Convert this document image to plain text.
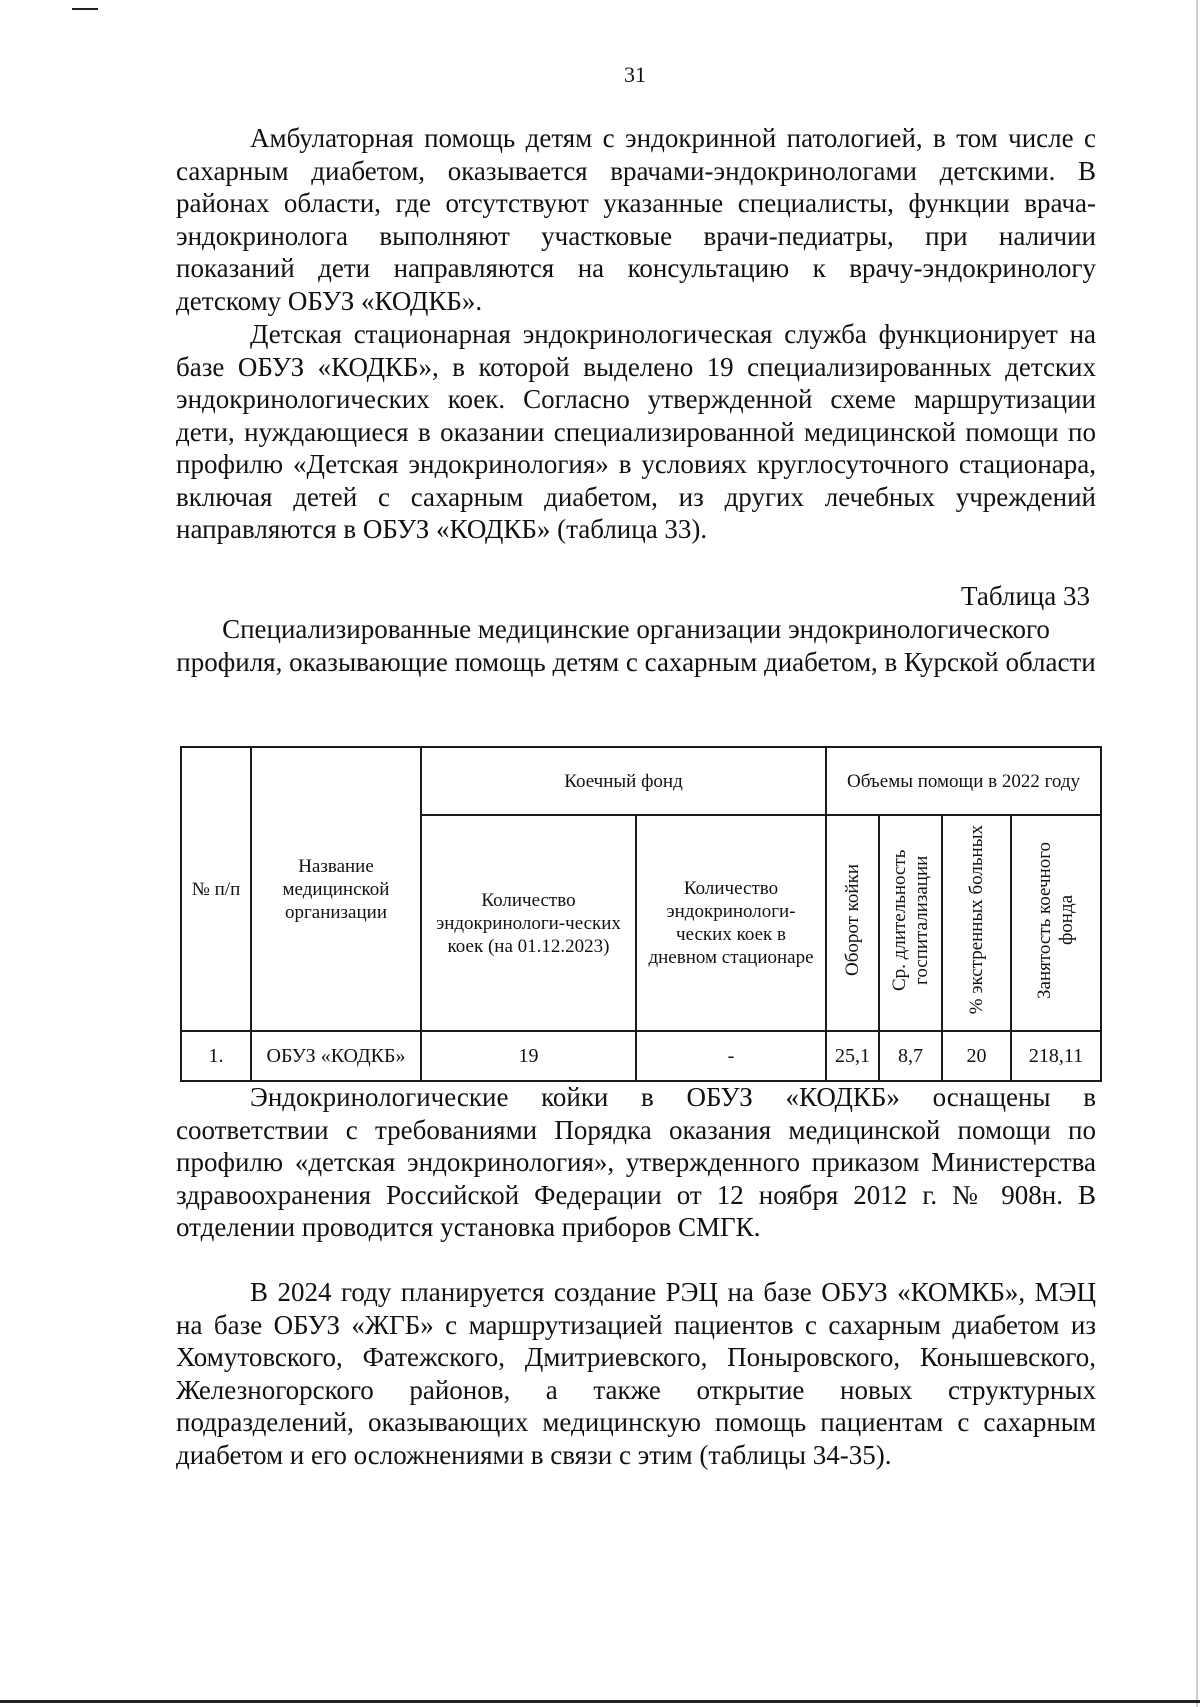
31

Амбулаторная помощь детям с эндокринной патологией, в том числе с сахарным диабетом, оказывается врачами-эндокринологами детскими. В районах области, где отсутствуют указанные специалисты, функции врача-эндокринолога выполняют участковые врачи-педиатры, при наличии показаний дети направляются на консультацию к врачу-эндокринологу детскому ОБУЗ «КОДКБ».

Детская стационарная эндокринологическая служба функционирует на базе ОБУЗ «КОДКБ», в которой выделено 19 специализированных детских эндокринологических коек. Согласно утвержденной схеме маршрутизации дети, нуждающиеся в оказании специализированной медицинской помощи по профилю «Детская эндокринология» в условиях круглосуточного стационара, включая детей с сахарным диабетом, из других лечебных учреждений направляются в ОБУЗ «КОДКБ» (таблица 33).

Таблица 33
Специализированные медицинские организации эндокринологического профиля, оказывающие помощь детям с сахарным диабетом, в Курской области
№ п/п	Название медицинской организации	Коечный фонд		Объемы помощи в 2022 году			
		Количество эндокринологи-ческих коек (на 01.12.2023)	Количество эндокринологи-ческих коек в дневном стационаре	Оборот койки	Ср. длительность госпитализации	% экстренных больных	Занятость коечного фонда
1.	ОБУЗ «КОДКБ»	19	-	25,1	8,7	20	218,11

Эндокринологические койки в ОБУЗ «КОДКБ» оснащены в соответствии с требованиями Порядка оказания медицинской помощи по профилю «детская эндокринология», утвержденного приказом Министерства здравоохранения Российской Федерации от 12 ноября 2012 г. № 908н. В отделении проводится установка приборов СМГК.

В 2024 году планируется создание РЭЦ на базе ОБУЗ «КОМКБ», МЭЦ на базе ОБУЗ «ЖГБ» с маршрутизацией пациентов с сахарным диабетом из Хомутовского, Фатежского, Дмитриевского, Поныровского, Конышевского, Железногорского районов, а также открытие новых структурных подразделений, оказывающих медицинскую помощь пациентам с сахарным диабетом и его осложнениями в связи с этим (таблицы 34-35).
